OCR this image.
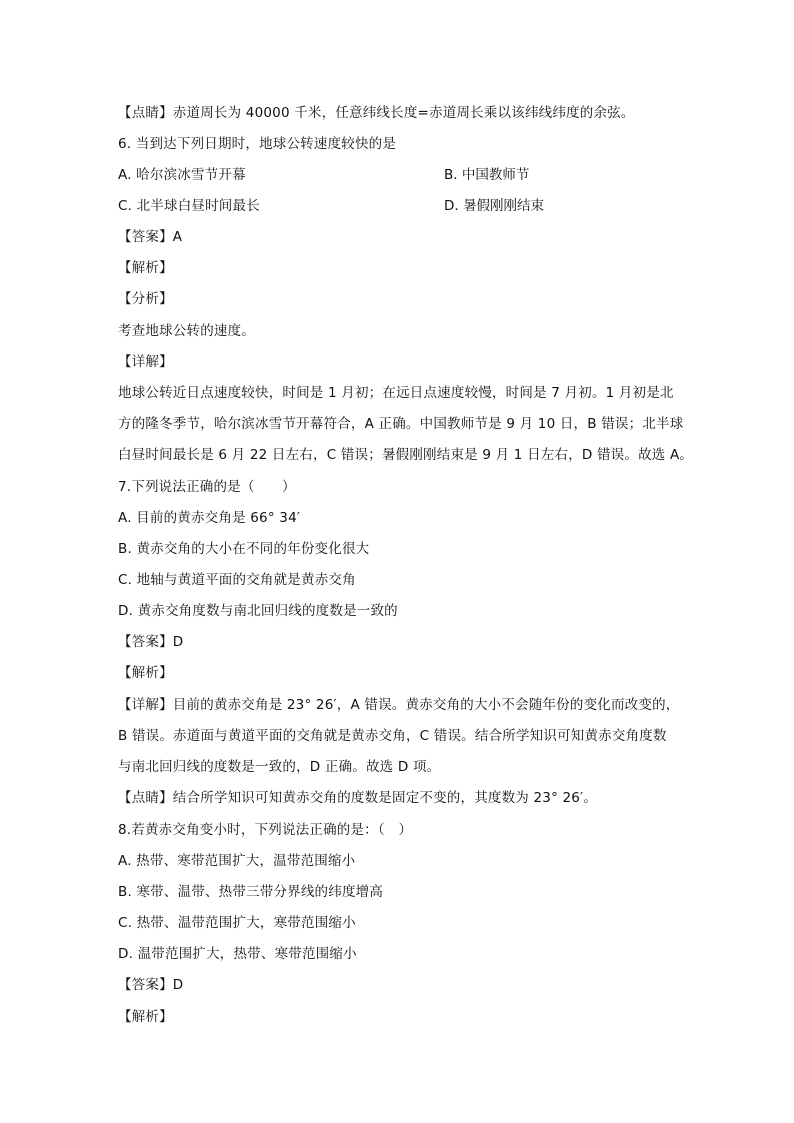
【点睛】赤道周长为 40000 千米，任意纬线长度=赤道周长乘以该纬线纬度的余弦。
6. 当到达下列日期时，地球公转速度较快的是
A. 哈尔滨冰雪节开幕	B. 中国教师节
C. 北半球白昼时间最长	D. 暑假刚刚结束
【答案】A
【解析】
【分析】
考查地球公转的速度。
【详解】
地球公转近日点速度较快，时间是 1 月初；在远日点速度较慢，时间是 7 月初。1 月初是北
方的隆冬季节，哈尔滨冰雪节开幕符合，A 正确。中国教师节是 9 月 10 日，B 错误；北半球
白昼时间最长是 6 月 22 日左右，C 错误；暑假刚刚结束是 9 月 1 日左右，D 错误。故选 A。
7.下列说法正确的是（　　）
A. 目前的黄赤交角是 66° 34′
B. 黄赤交角的大小在不同的年份变化很大
C. 地轴与黄道平面的交角就是黄赤交角
D. 黄赤交角度数与南北回归线的度数是一致的
【答案】D
【解析】
【详解】目前的黄赤交角是 23° 26′，A 错误。黄赤交角的大小不会随年份的变化而改变的，
B 错误。赤道面与黄道平面的交角就是黄赤交角，C 错误。结合所学知识可知黄赤交角度数
与南北回归线的度数是一致的，D 正确。故选 D 项。
【点睛】结合所学知识可知黄赤交角的度数是固定不变的，其度数为 23° 26′。
8.若黄赤交角变小时，下列说法正确的是：（　）
A. 热带、寒带范围扩大，温带范围缩小
B. 寒带、温带、热带三带分界线的纬度增高
C. 热带、温带范围扩大，寒带范围缩小
D. 温带范围扩大，热带、寒带范围缩小
【答案】D
【解析】
